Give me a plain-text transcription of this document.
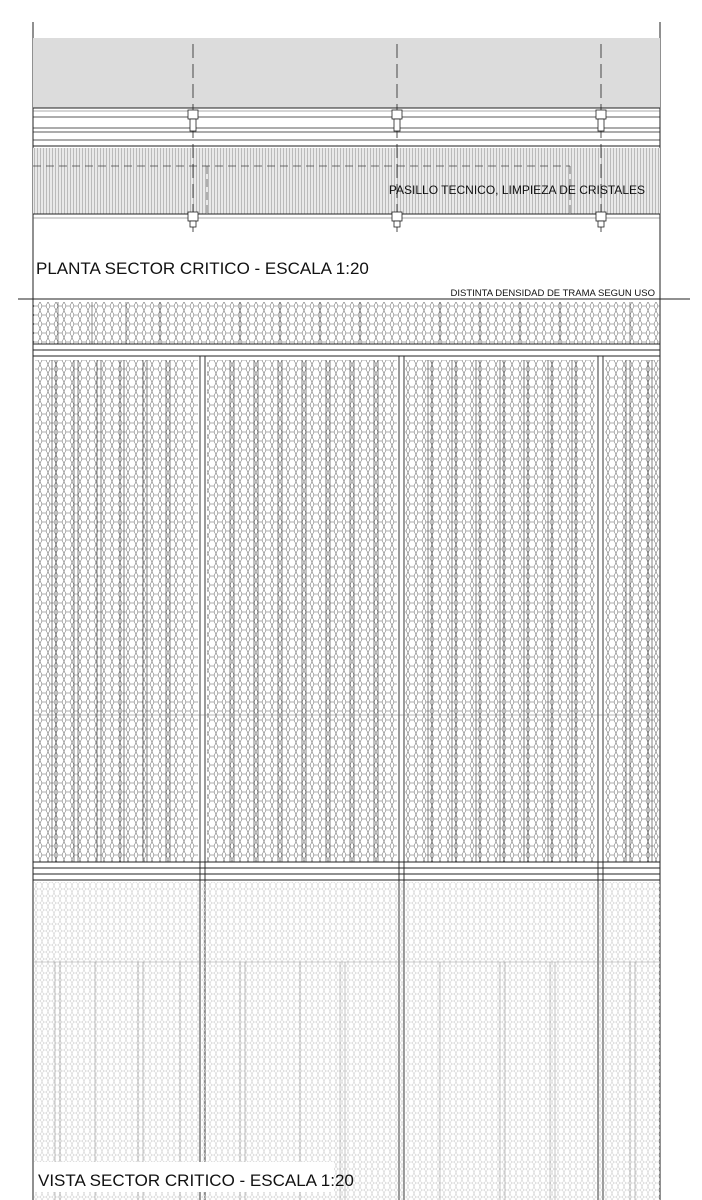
PASILLO TECNICO, LIMPIEZA DE CRISTALES
PLANTA SECTOR CRITICO - ESCALA 1:20
DISTINTA DENSIDAD DE TRAMA SEGUN USO
VISTA SECTOR CRITICO - ESCALA 1:20
